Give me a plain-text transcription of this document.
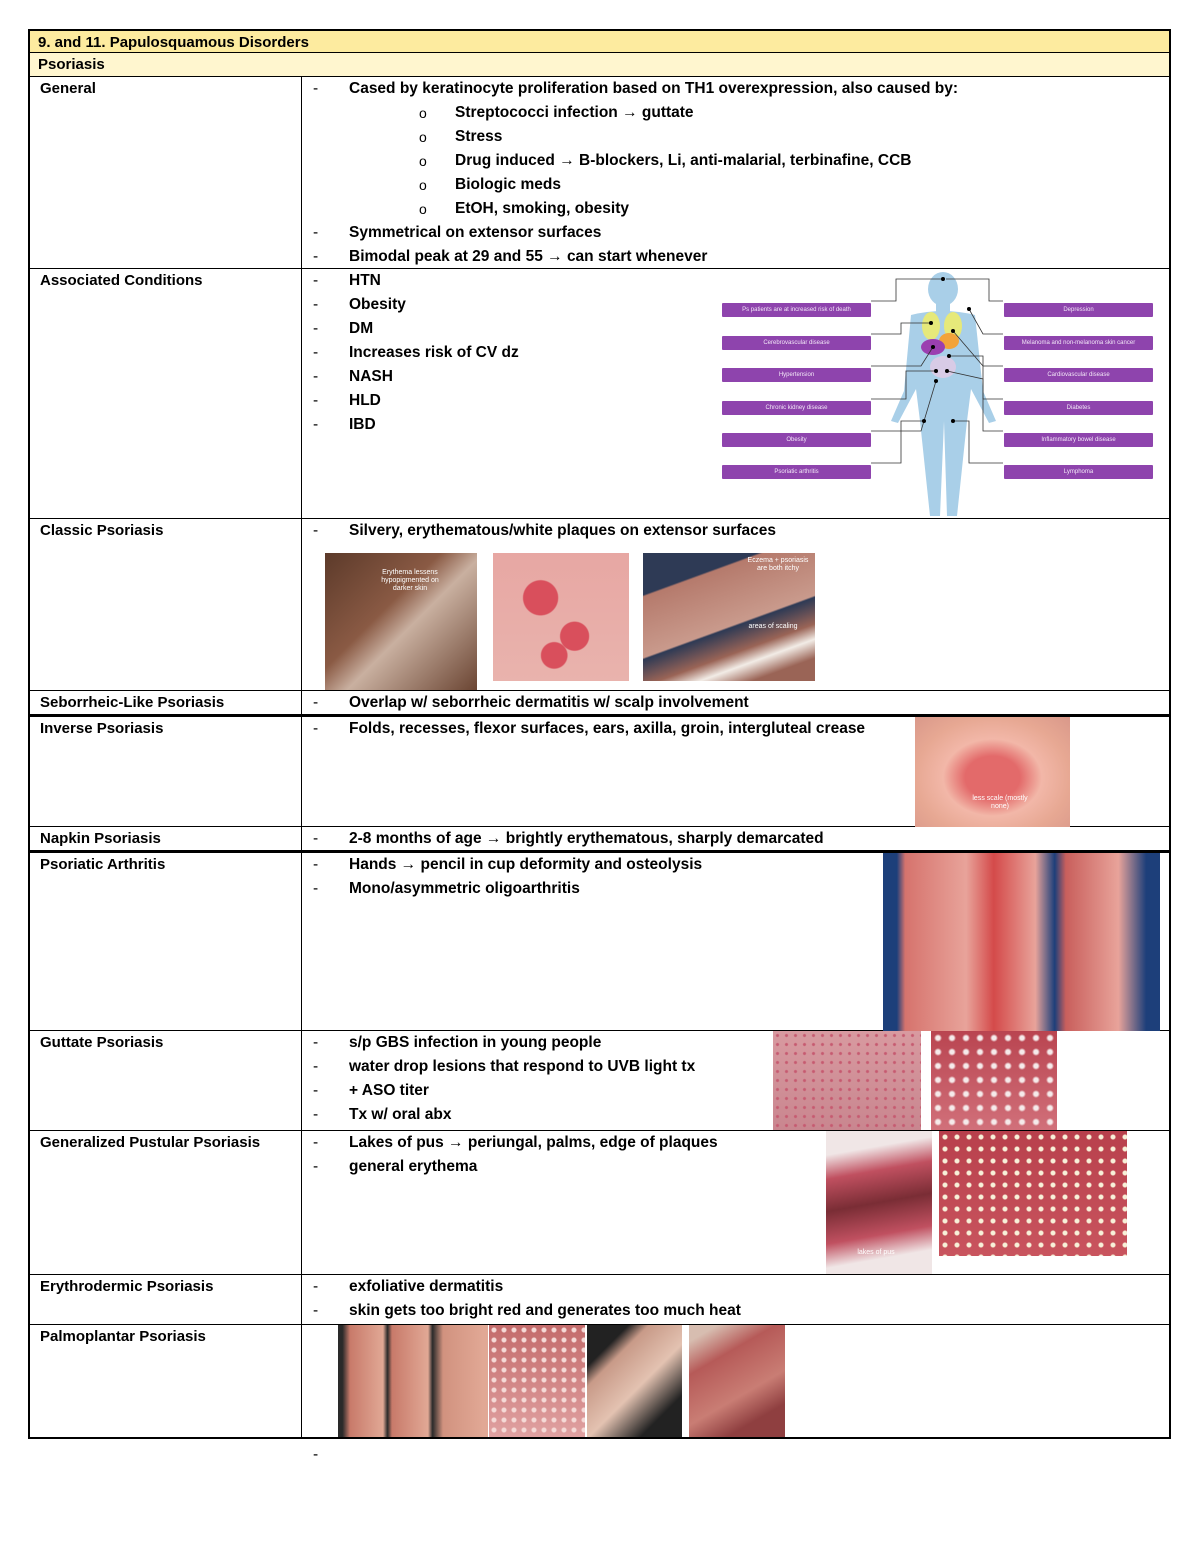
9. and 11. Papulosquamous Disorders
Psoriasis
General	- Cased by keratinocyte proliferation based on TH1 overexpression, also caused by:
o Streptococci infection → guttate
o Stress
o Drug induced → B-blockers, Li, anti-malarial, terbinafine, CCB
o Biologic meds
o EtOH, smoking, obesity
- Symmetrical on extensor surfaces
- Bimodal peak at 29 and 55 → can start whenever
Associated Conditions	- HTN
- Obesity
- DM
- Increases risk of CV dz
- NASH
- HLD
- IBD
Ps patients are at increased risk of death
Cerebrovascular disease
Hypertension
Chronic kidney disease
Obesity
Psoriatic arthritis
Depression
Melanoma and non-melanoma skin cancer
Cardiovascular disease
Diabetes
Inflammatory bowel disease
Lymphoma
Classic Psoriasis	- Silvery, erythematous/white plaques on extensor surfaces
Erythema lessens hypopigmented on darker skin
Eczema + psoriasis are both itchy
areas of scaling
Seborrheic-Like Psoriasis	- Overlap w/ seborrheic dermatitis w/ scalp involvement
Inverse Psoriasis	- Folds, recesses, flexor surfaces, ears, axilla, groin, intergluteal crease
less scale (mostly none)
Napkin Psoriasis	- 2-8 months of age → brightly erythematous, sharply demarcated
Psoriatic Arthritis	- Hands → pencil in cup deformity and osteolysis
- Mono/asymmetric oligoarthritis
Guttate Psoriasis	- s/p GBS infection in young people
- water drop lesions that respond to UVB light tx
- + ASO titer
- Tx w/ oral abx
Generalized Pustular Psoriasis	- Lakes of pus → periungal, palms, edge of plaques
- general erythema
lakes of pus
Erythrodermic Psoriasis	- exfoliative dermatitis
- skin gets too bright red and generates too much heat
Palmoplantar Psoriasis
